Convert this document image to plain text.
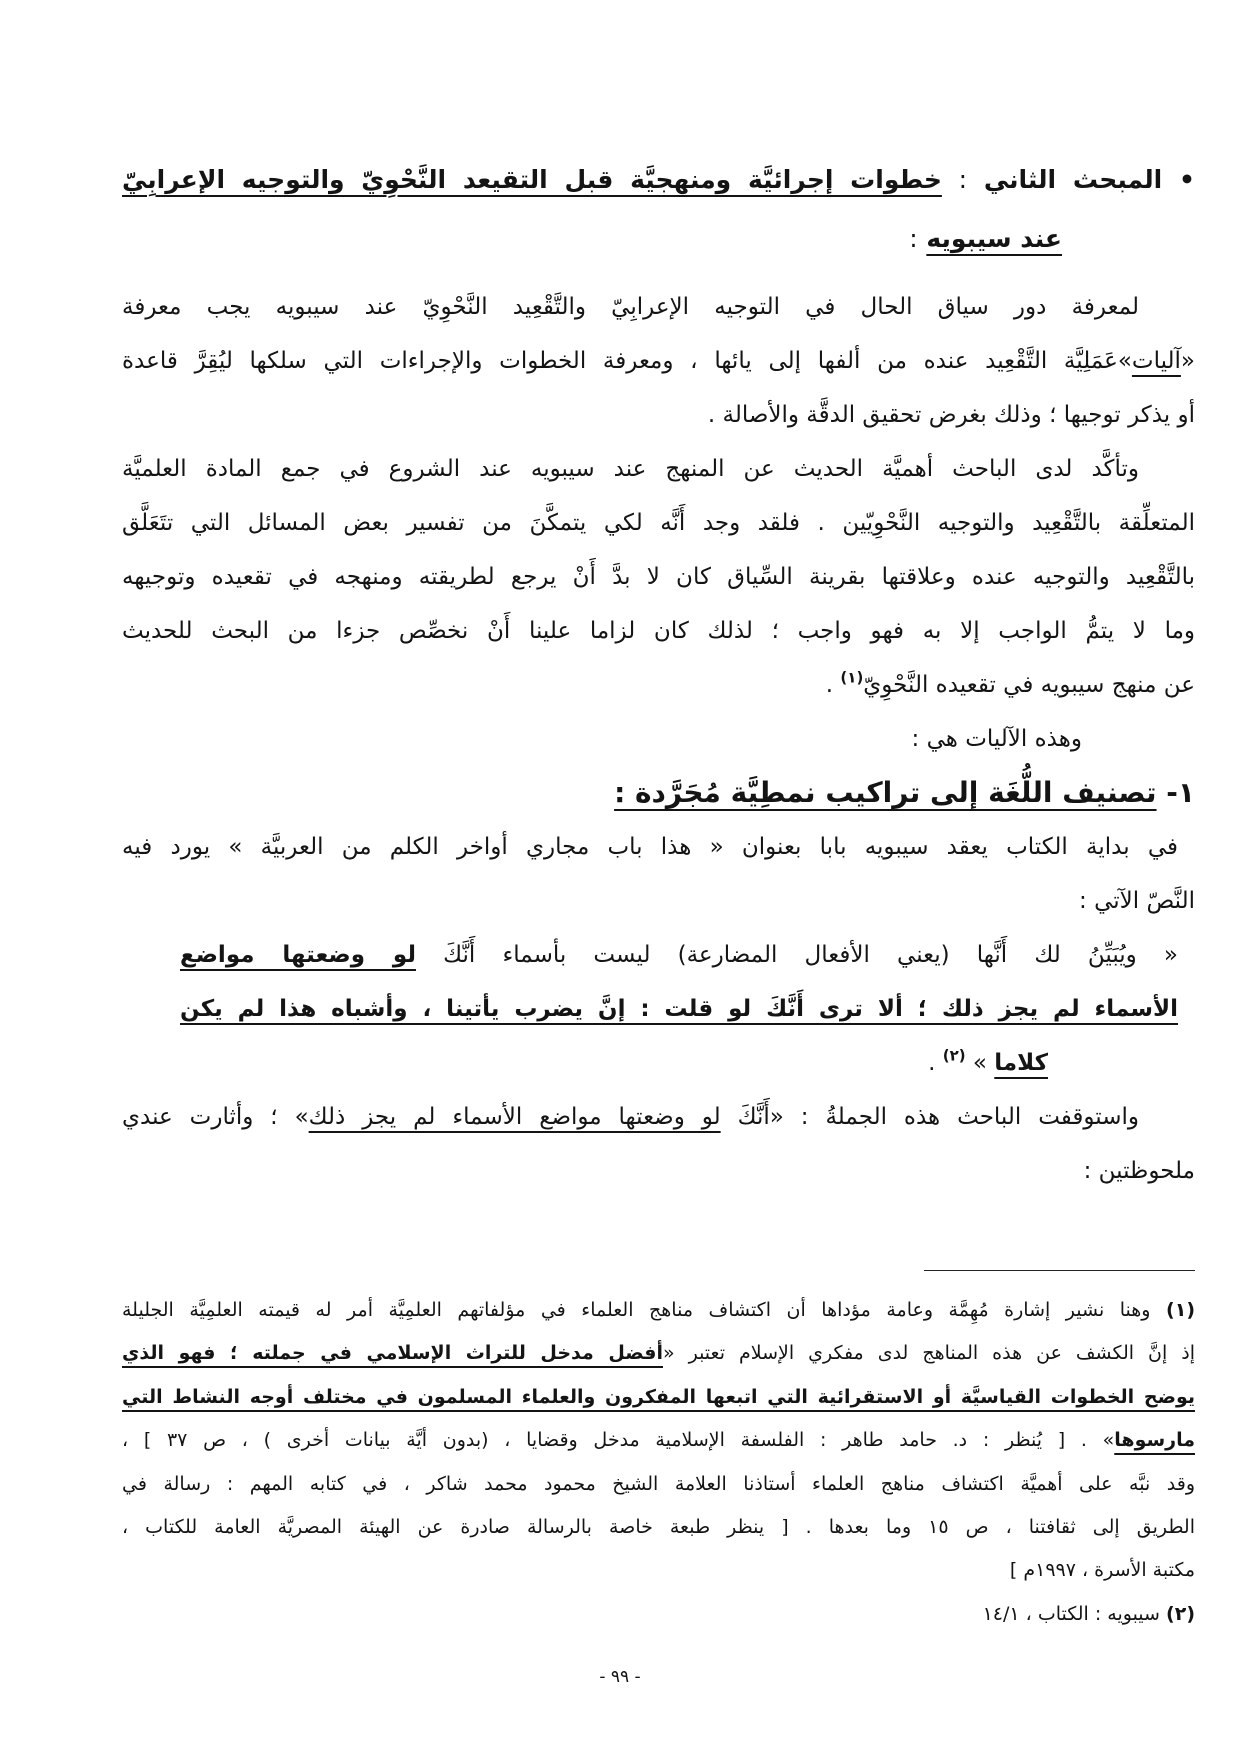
• المبحث الثاني : خطوات إجرائيَّة ومنهجيَّة قبل التقيعد النَّحْوِيّ والتوجيه الإعرابِيّ
عند سيبويه :
لمعرفة دور سياق الحال في التوجيه الإعرابِيّ والتَّقْعِيد النَّحْوِيّ عند سيبويه يجب معرفة
«آليات»عَمَلِيَّة التَّقْعِيد عنده من ألفها إلى يائها ، ومعرفة الخطوات والإجراءات التي سلكها ليُقِرَّ قاعدة
أو يذكر توجيها ؛ وذلك بغرض تحقيق الدقَّة والأصالة .
وتأكَّد لدى الباحث أهميَّة الحديث عن المنهج عند سيبويه عند الشروع في جمع المادة العلميَّة
المتعلِّقة بالتَّقْعِيد والتوجيه النَّحْوِيّين . فلقد وجد أَنَّه لكي يتمكَّنَ من تفسير بعض المسائل التي تتَعَلَّق
بالتَّقْعِيد والتوجيه عنده وعلاقتها بقرينة السِّياق كان لا بدَّ أَنْ يرجع لطريقته ومنهجه في تقعيده وتوجيهه
وما لا يتمُّ الواجب إلا به فهو واجب ؛ لذلك كان لزاما علينا أَنْ نخصِّص جزءا من البحث للحديث
عن منهج سيبويه في تقعيده النَّحْوِيّ$^{(١)}$ .
وهذه الآليات هي :
١- تصنيف اللُّغَة إلى تراكيب نمطِيَّة مُجَرَّدة :
في بداية الكتاب يعقد سيبويه بابا بعنوان « هذا باب مجاري أواخر الكلم من العربيَّة » يورد فيه
النَّصّ الآتي :
« ويُبَيِّنُ لك أَنَّها (يعني الأفعال المضارعة) ليست بأسماء أَنَّكَ لو وضعتها مواضع
الأسماء لم يجز ذلك ؛ ألا ترى أَنَّكَ لو قلت : إنَّ يضرب يأتينا ، وأشباه هذا لم يكن
كلاما » $^{(٢)}$ .
واستوقفت الباحث هذه الجملةُ : «أَنَّكَ لو وضعتها مواضع الأسماء لم يجز ذلك» ؛ وأثارت عندي
ملحوظتين :
(١) وهنا نشير إشارة مُهِمَّة وعامة مؤداها أن اكتشاف مناهج العلماء في مؤلفاتهم العلمِيَّة أمر له قيمته العلمِيَّة الجليلة
إذ إنَّ الكشف عن هذه المناهج لدى مفكري الإسلام تعتبر «أفضل مدخل للتراث الإسلامي في جملته ؛ فهو الذي
يوضح الخطوات القياسيَّة أو الاستقرائية التي اتبعها المفكرون والعلماء المسلمون في مختلف أوجه النشاط التي
مارسوها» . [ يُنظر : د. حامد طاهر : الفلسفة الإسلامية مدخل وقضايا ، (بدون أيَّة بيانات أخرى ) ، ص ٣٧ ] ،
وقد نبَّه على أهميَّة اكتشاف مناهج العلماء أستاذنا العلامة الشيخ محمود محمد شاكر ، في كتابه المهم : رسالة في
الطريق إلى ثقافتنا ، ص ١٥ وما بعدها . [ ينظر طبعة خاصة بالرسالة صادرة عن الهيئة المصريَّة العامة للكتاب ،
مكتبة الأسرة ، ١٩٩٧م ]
(٢) سيبويه : الكتاب ، ١٤/١
- ٩٩ -
